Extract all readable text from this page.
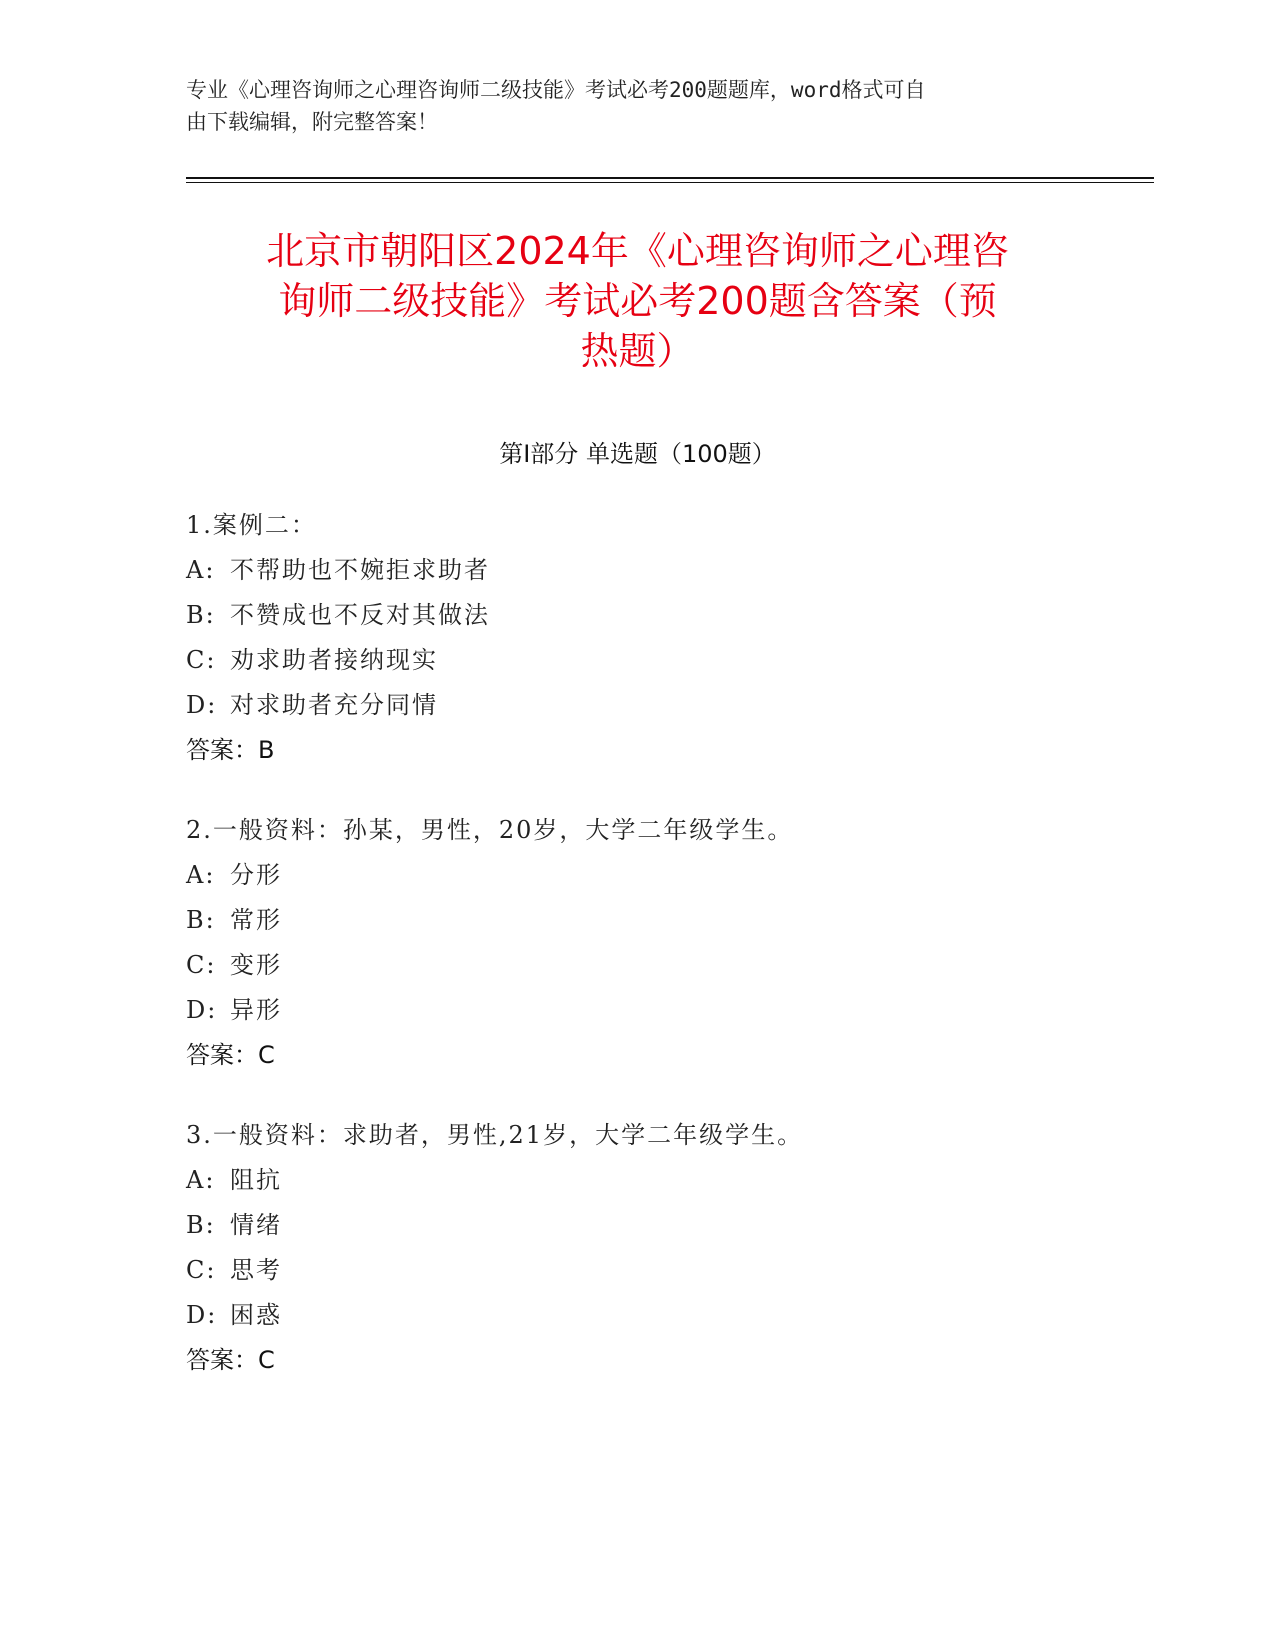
专业《心理咨询师之心理咨询师二级技能》考试必考200题题库，word格式可自
由下载编辑，附完整答案！
北京市朝阳区2024年《心理咨询师之心理咨
询师二级技能》考试必考200题含答案（预
热题）
第Ⅰ部分 单选题（100题）
1.案例二：
A: 不帮助也不婉拒求助者
B: 不赞成也不反对其做法
C: 劝求助者接纳现实
D: 对求助者充分同情
答案：B
2.一般资料：孙某，男性，20岁，大学二年级学生。
A: 分形
B: 常形
C: 变形
D: 异形
答案：C
3.一般资料：求助者，男性,21岁，大学二年级学生。
A: 阻抗
B: 情绪
C: 思考
D: 困惑
答案：C
